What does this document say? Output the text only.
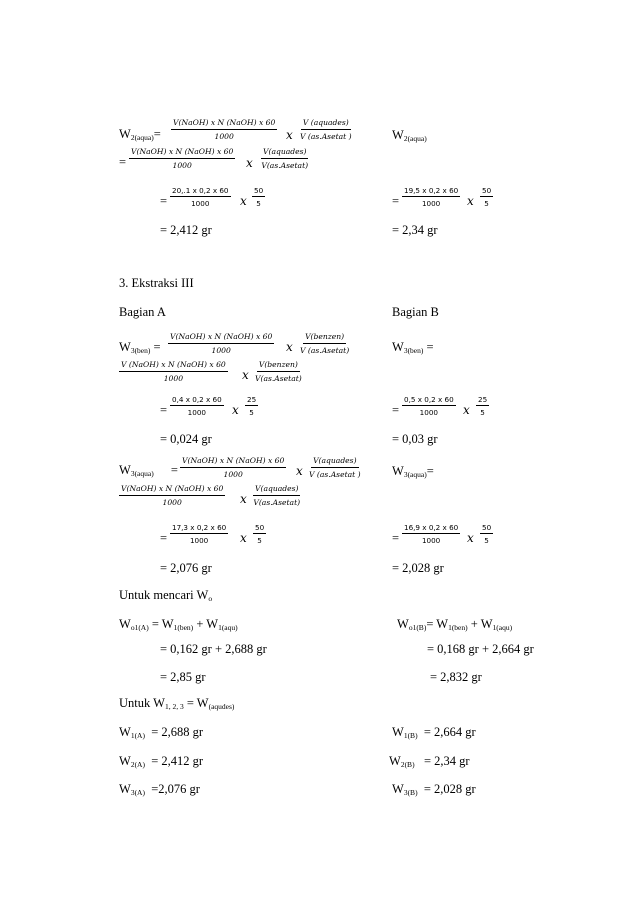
$W_{2(aqua)}=$
V(NaOH) x N (NaOH) x 60
1000	x
V (aquades)
V (as.Asetat )	$W_{2(aqua)}$
=
V(NaOH) x N (NaOH) x 60
1000	x
V(aquades)
V(as.Asetat)
= $\frac{20,.1 x 0,2 x 60}{1000}$ x $\frac{50}{5}$	= $\frac{19,5 x 0,2 x 60}{1000}$ x $\frac{50}{5}$
= 2,412 gr	= 2,34 gr
3. Ekstraksi III
Bagian A	Bagian B
$W_{3(ben)}$ =
V(NaOH) x N (NaOH) x 60
1000	x
V(benzen)
V (as.Asetat)	$W_{3(ben)}$ =
V (NaOH) x N (NaOH) x 60
1000	x
V(benzen)
V(as.Asetat)
= $\frac{0,4 x 0,2 x 60}{1000}$ x $\frac{25}{5}$	= $\frac{0,5 x 0,2 x 60}{1000}$ x $\frac{25}{5}$
= 0,024 gr	= 0,03 gr
$W_{3(aqua)}$ =
V(NaOH) x N (NaOH) x 60
1000	x
V(aquades)
V (as.Asetat )	$W_{3(aqua)}=$
V(NaOH) x N (NaOH) x 60
1000	x
V(aquades)
V(as.Asetat)
= $\frac{17,3 x 0,2 x 60}{1000}$ x $\frac{50}{5}$	= $\frac{16,9 x 0,2 x 60}{1000}$ x $\frac{50}{5}$
= 2,076 gr	= 2,028 gr
Untuk mencari $W_o$
$W_{o1(A)} = W_{1(ben)} + W_{1(aqu)}$	$W_{o1(B)}= W_{1(ben)} + W_{1(aqu)}$
= 0,162 gr + 2,688 gr	= 0,168 gr + 2,664 gr
= 2,85 gr	= 2,832 gr
Untuk $W_{1, 2, 3} = W_{(aqudes)}$
$W_{1(A)} = 2,688$ gr	$W_{1(B)} = 2,664$ gr
$W_{2(A)} = 2,412$ gr	$W_{2(B)} = 2,34$ gr
$W_{3(A)} =2,076$ gr	$W_{3(B)} = 2,028$ gr
